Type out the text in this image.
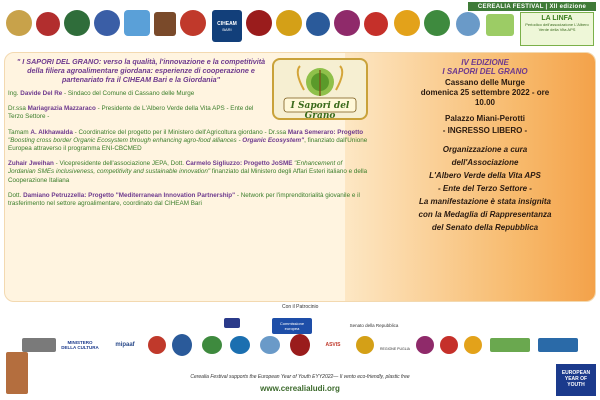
CIHEAM
BARI
CEREALIA FESTIVAL | XII edizione
LA LINFA
Periodico dell'associazione L'Albero Verde della Vita APS
" I SAPORI DEL GRANO: verso la qualità, l'innovazione e la competitività della filiera agroalimentare giordana: esperienze di cooperazione e partenariato fra il CIHEAM Bari e la Giordania"
Ing. Davide Del Re - Sindaco del Comune di Cassano delle Murge
Dr.ssa Mariagrazia Mazzaraco - Presidente de L'Albero Verde della Vita APS - Ente del Terzo Settore -
Tamam A. Alkhawalda - Coordinatrice del progetto per il Ministero dell'Agricoltura giordano - Dr.ssa Mara Semeraro: Progetto "Boosting cross border Organic Ecosystem through enhancing agro-food alliances - Organic Ecosystem", finanziato dall'Unione Europea attraverso il programma ENI-CBCMED
Zuhair Jweihan - Vicepresidente dell'associazione JEPA, Dott. Carmelo Sigliuzzo: Progetto JoSME "Enhancement of Jordanian SMEs inclusiveness, competitivity and sustainable innovation" finanziato dal Ministero degli Affari Esteri italiano e della Cooperazione Italiana
Dott. Damiano Petruzzella: Progetto "Mediterranean Innovation Partnership" - Network per l'imprenditorialità giovanile e il trasferimento nel settore agroalimentare, coordinato dal CIHEAM Bari
I Sapori del Grano
IV EDIZIONE
I SAPORI DEL GRANO
Cassano delle Murge
domenica 25 settembre 2022 - ore
10.00
Palazzo Miani-Perotti
- INGRESSO LIBERO -
Organizzazione a cura
dell'Associazione
L'Albero Verde della Vita APS
- Ente del Terzo Settore -
La manifestazione è stata insignita
con la Medaglia di Rappresentanza
del Senato della Repubblica
Con il Patrocinio
Commissione europea
Senato della Repubblica
MINISTERO DELLA CULTURA	mipaaf	ASVIS
REGIONE PUGLIA
Cerealia Festival supports the European Year of Youth EYY2022— Il vento eco-friendly, plastic free
www.cerealialudi.org
EUROPEAN YEAR OF YOUTH
